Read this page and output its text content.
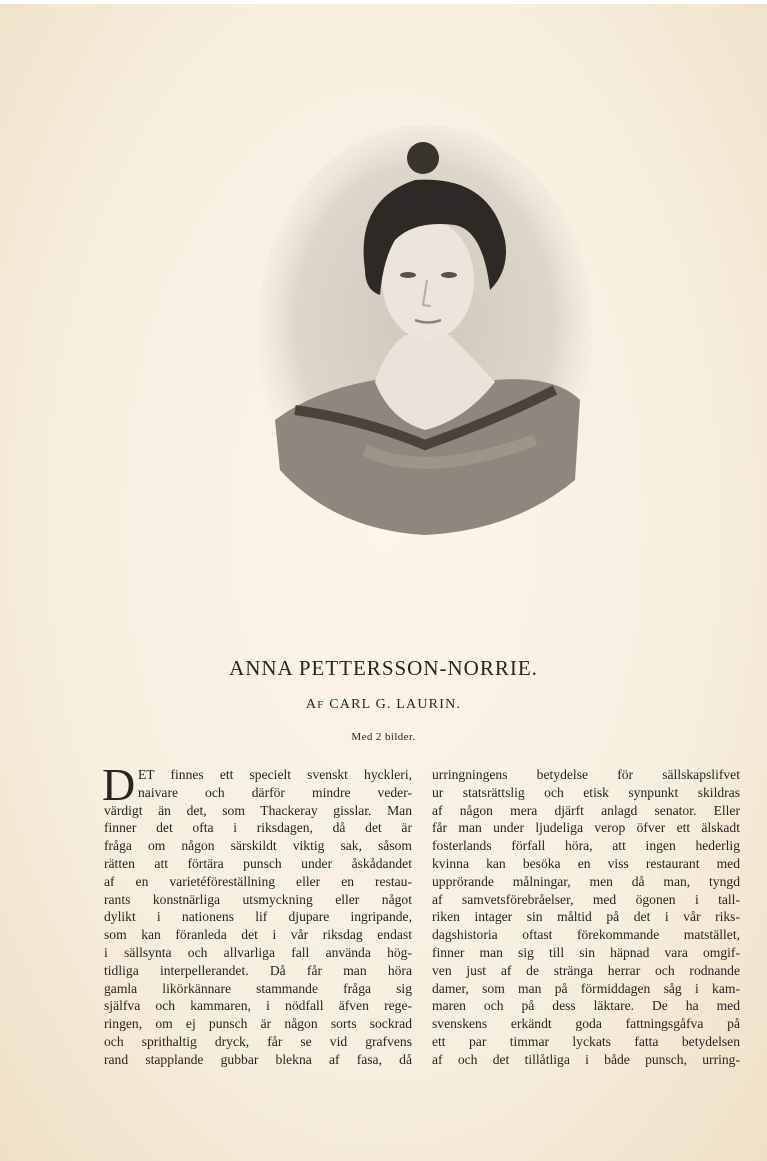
ANNA PETTERSSON-NORRIE.
AF CARL G. LAURIN.
Med 2 bilder.
D ET finnes ett specielt svenskt hyckleri,
naivare och därför mindre veder-
värdigt än det, som Thackeray gisslar. Man
finner det ofta i riksdagen, då det är
fråga om någon särskildt viktig sak, såsom
rätten att förtära punsch under åskådandet
af en varietéföreställning eller en restau-
rants konstnärliga utsmyckning eller något
dylikt i nationens lif djupare ingripande,
som kan föranleda det i vår riksdag endast
i sällsynta och allvarliga fall använda hög-
tidliga interpellerandet. Då får man höra
gamla likörkännare stammande fråga sig
själfva och kammaren, i nödfall äfven rege-
ringen, om ej punsch är någon sorts sockrad
och sprithaltig dryck, får se vid grafvens
rand stapplande gubbar blekna af fasa, då
urringningens betydelse för sällskapslifvet
ur statsrättslig och etisk synpunkt skildras
af någon mera djärft anlagd senator. Eller
får man under ljudeliga verop öfver ett älskadt
fosterlands förfall höra, att ingen hederlig
kvinna kan besöka en viss restaurant med
upprörande målningar, men då man, tyngd
af samvetsförebråelser, med ögonen i tall-
riken intager sin måltid på det i vår riks-
dagshistoria oftast förekommande matstället,
finner man sig till sin häpnad vara omgif-
ven just af de stränga herrar och rodnande
damer, som man på förmiddagen såg i kam-
maren och på dess läktare. De ha med
svenskens erkändt goda fattningsgåfva på
ett par timmar lyckats fatta betydelsen
af och det tillåtliga i både punsch, urring-
